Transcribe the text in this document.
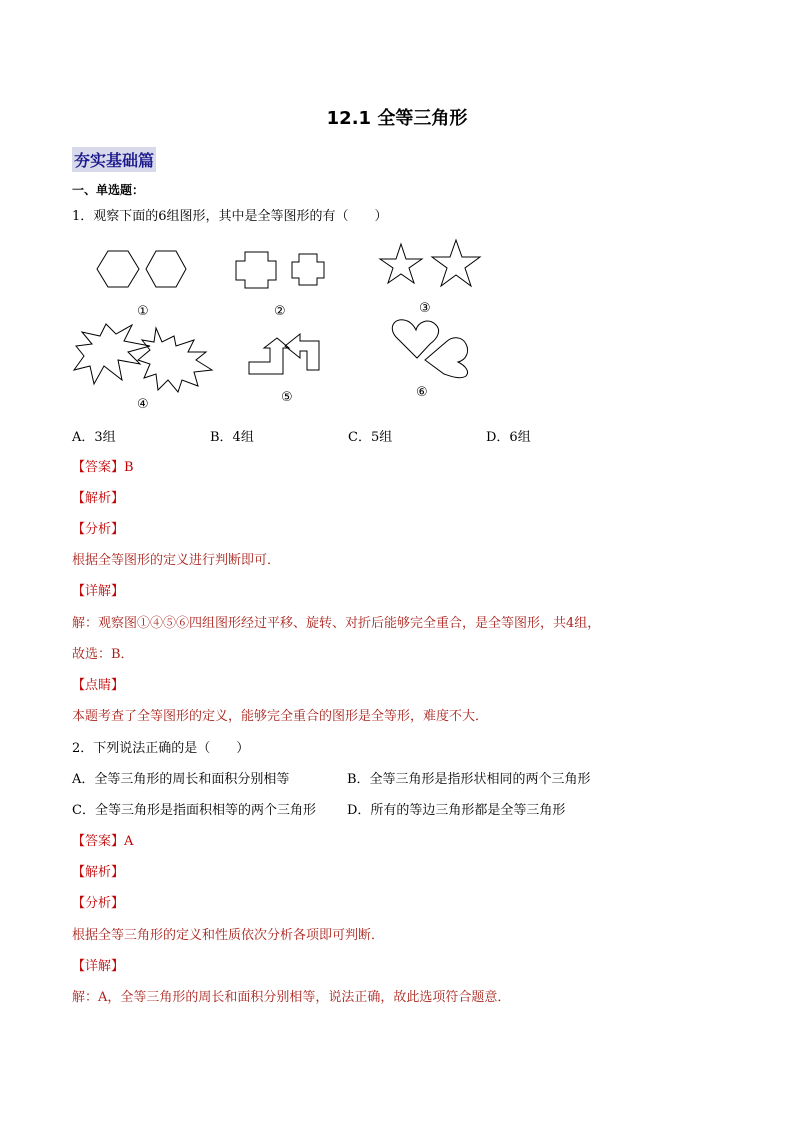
12.1 全等三角形
夯实基础篇
一、单选题：
1．观察下面的6组图形，其中是全等图形的有（　　）
①	②	③
④	⑤	⑥
A．3组	B．4组	C．5组	D．6组
【答案】B
【解析】
【分析】
根据全等图形的定义进行判断即可．
【详解】
解：观察图①④⑤⑥四组图形经过平移、旋转、对折后能够完全重合，是全等图形，共4组，
故选：B．
【点睛】
本题考查了全等图形的定义，能够完全重合的图形是全等形，难度不大．
2．下列说法正确的是（　　）
A．全等三角形的周长和面积分别相等	B．全等三角形是指形状相同的两个三角形
C．全等三角形是指面积相等的两个三角形 D．所有的等边三角形都是全等三角形
【答案】A
【解析】
【分析】
根据全等三角形的定义和性质依次分析各项即可判断．
【详解】
解：A，全等三角形的周长和面积分别相等，说法正确，故此选项符合题意．
